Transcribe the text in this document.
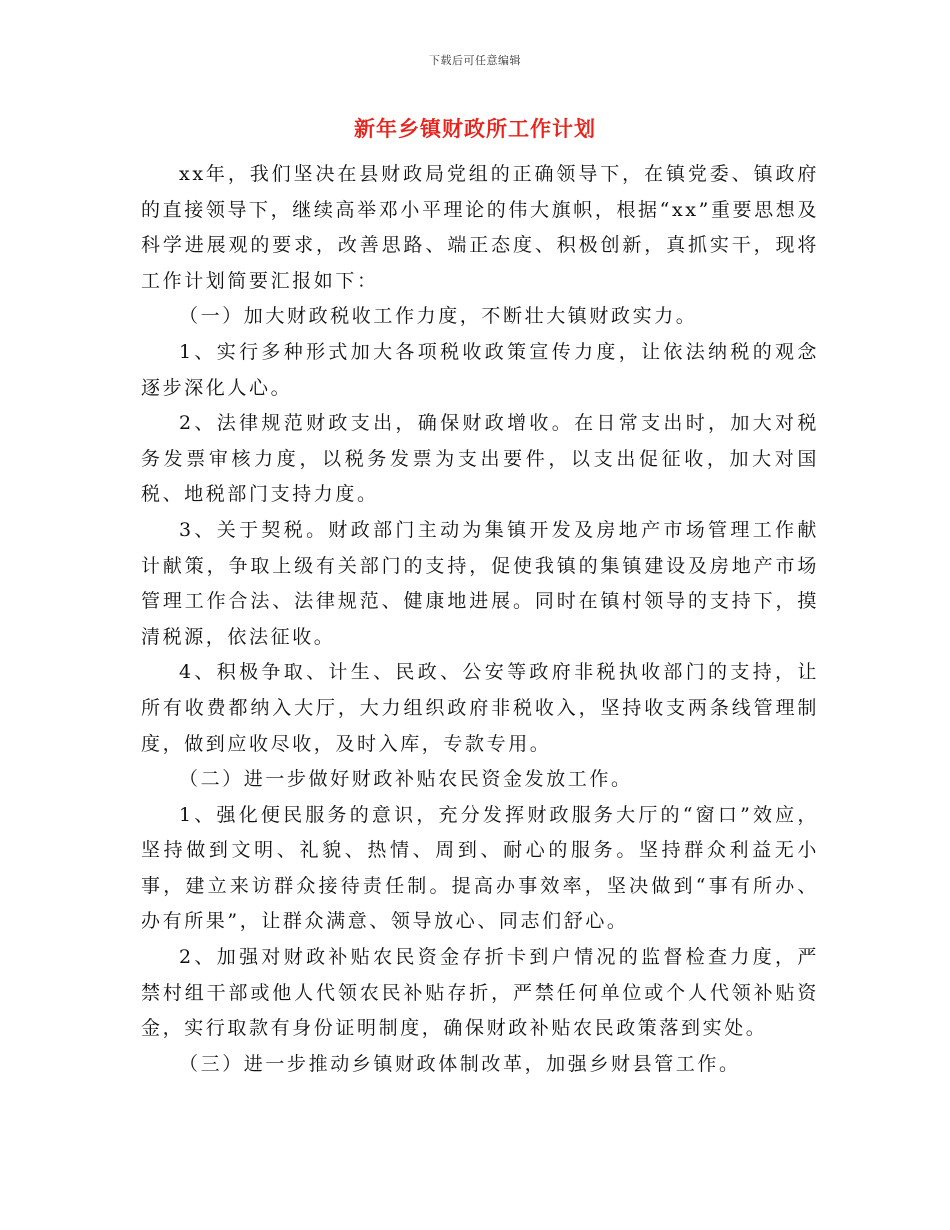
下载后可任意编辑
新年乡镇财政所工作计划

xx年，我们坚决在县财政局党组的正确领导下，在镇党委、镇政府的直接领导下，继续高举邓小平理论的伟大旗帜，根据“xx”重要思想及科学进展观的要求，改善思路、端正态度、积极创新，真抓实干，现将工作计划简要汇报如下：

（一）加大财政税收工作力度，不断壮大镇财政实力。

1、实行多种形式加大各项税收政策宣传力度，让依法纳税的观念逐步深化人心。

2、法律规范财政支出，确保财政增收。在日常支出时，加大对税务发票审核力度，以税务发票为支出要件，以支出促征收，加大对国税、地税部门支持力度。

3、关于契税。财政部门主动为集镇开发及房地产市场管理工作献计献策，争取上级有关部门的支持，促使我镇的集镇建设及房地产市场管理工作合法、法律规范、健康地进展。同时在镇村领导的支持下，摸清税源，依法征收。

4、积极争取、计生、民政、公安等政府非税执收部门的支持，让所有收费都纳入大厅，大力组织政府非税收入，坚持收支两条线管理制度，做到应收尽收，及时入库，专款专用。

（二）进一步做好财政补贴农民资金发放工作。

1、强化便民服务的意识，充分发挥财政服务大厅的“窗口”效应，坚持做到文明、礼貌、热情、周到、耐心的服务。坚持群众利益无小事，建立来访群众接待责任制。提高办事效率，坚决做到“事有所办、办有所果”，让群众满意、领导放心、同志们舒心。

2、加强对财政补贴农民资金存折卡到户情况的监督检查力度，严禁村组干部或他人代领农民补贴存折，严禁任何单位或个人代领补贴资金，实行取款有身份证明制度，确保财政补贴农民政策落到实处。

（三）进一步推动乡镇财政体制改革，加强乡财县管工作。
